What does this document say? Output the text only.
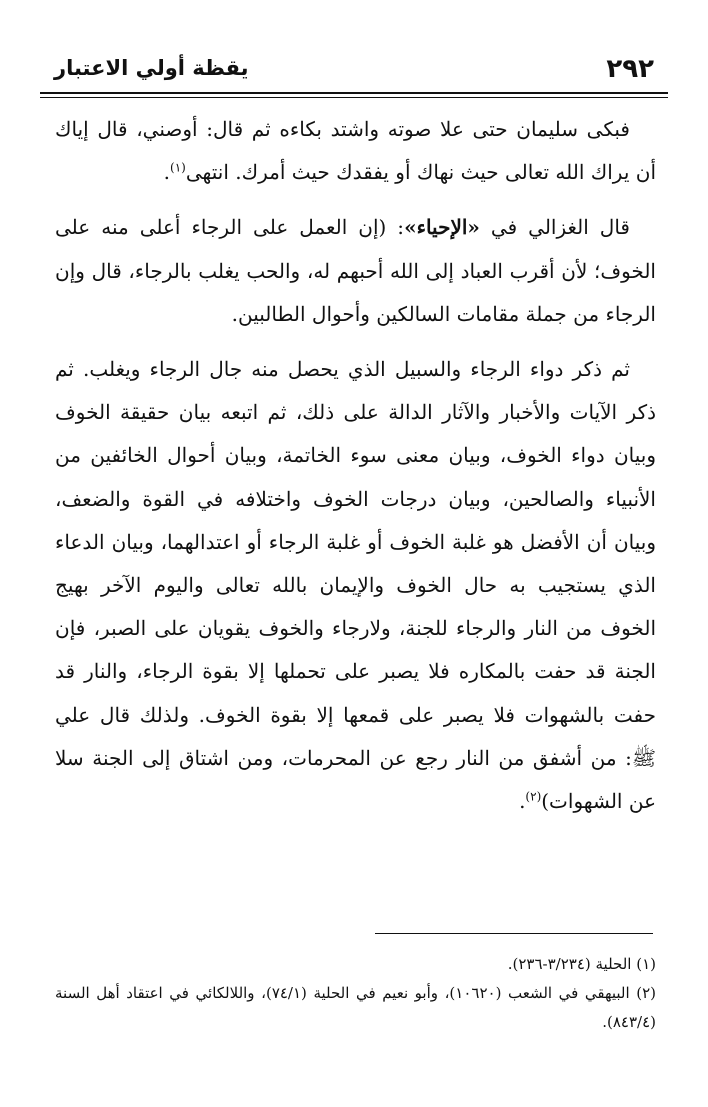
٢٩٢
يقظة أولي الاعتبار

فبكى سليمان حتى علا صوته واشتد بكاءه ثم قال: أوصني، قال إياك أن يراك الله تعالى حيث نهاك أو يفقدك حيث أمرك. انتهى$^{(١)}$.

قال الغزالي في «الإحياء»: (إن العمل على الرجاء أعلى منه على الخوف؛ لأن أقرب العباد إلى الله أحبهم له، والحب يغلب بالرجاء، قال وإن الرجاء من جملة مقامات السالكين وأحوال الطالبين.

ثم ذكر دواء الرجاء والسبيل الذي يحصل منه جال الرجاء ويغلب. ثم ذكر الآيات والأخبار والآثار الدالة على ذلك، ثم اتبعه بيان حقيقة الخوف وبيان دواء الخوف، وبيان معنى سوء الخاتمة، وبيان أحوال الخائفين من الأنبياء والصالحين، وبيان درجات الخوف واختلافه في القوة والضعف، وبيان أن الأفضل هو غلبة الخوف أو غلبة الرجاء أو اعتدالهما، وبيان الدعاء الذي يستجيب به حال الخوف والإيمان بالله تعالى واليوم الآخر بهيج الخوف من النار والرجاء للجنة، ولارجاء والخوف يقويان على الصبر، فإن الجنة قد حفت بالمكاره فلا يصبر على تحملها إلا بقوة الرجاء، والنار قد حفت بالشهوات فلا يصبر على قمعها إلا بقوة الخوف. ولذلك قال علي ﷺ: من أشفق من النار رجع عن المحرمات، ومن اشتاق إلى الجنة سلا عن الشهوات)$^{(٢)}$.

(١) الحلية (٣/٢٣٤-٢٣٦).

(٢) البيهقي في الشعب (١٠٦٢٠)، وأبو نعيم في الحلية (٧٤/١)، واللالكائي في اعتقاد أهل السنة (٨٤٣/٤).
